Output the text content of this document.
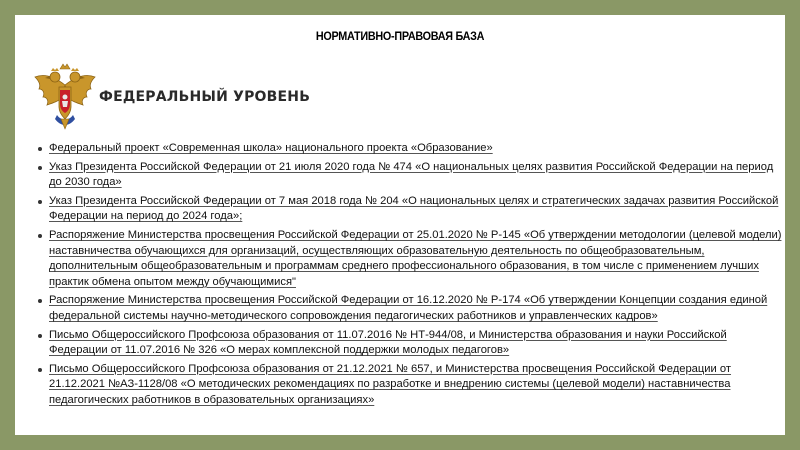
НОРМАТИВНО-ПРАВОВАЯ БАЗА
ФЕДЕРАЛЬНЫЙ УРОВЕНЬ
Федеральный проект «Современная школа» национального проекта «Образование»
Указ Президента Российской Федерации от 21 июля 2020 года № 474 «О национальных целях развития Российской Федерации на период до 2030 года»
Указ Президента Российской Федерации от 7 мая 2018 года № 204 «О национальных целях и стратегических задачах развития Российской Федерации на период до 2024 года»;
Распоряжение Министерства просвещения Российской Федерации от 25.01.2020 № Р-145 «Об утверждении методологии (целевой модели) наставничества обучающихся для организаций, осуществляющих образовательную деятельность по общеобразовательным, дополнительным общеобразовательным и программам среднего профессионального образования, в том числе с применением лучших практик обмена опытом между обучающимися"
Распоряжение Министерства просвещения Российской Федерации от 16.12.2020 № Р-174 «Об утверждении Концепции создания единой федеральной системы научно-методического сопровождения педагогических работников и управленческих кадров»
Письмо Общероссийского Профсоюза образования от 11.07.2016 № НТ-944/08, и Министерства образования и науки Российской Федерации от 11.07.2016 № 326 «О мерах комплексной поддержки молодых педагогов»
Письмо Общероссийского Профсоюза образования от 21.12.2021 № 657, и Министерства просвещения Российской Федерации от 21.12.2021 №АЗ-1128/08 «О методических рекомендациях по разработке и внедрению системы (целевой модели) наставничества педагогических работников в образовательных организациях»
